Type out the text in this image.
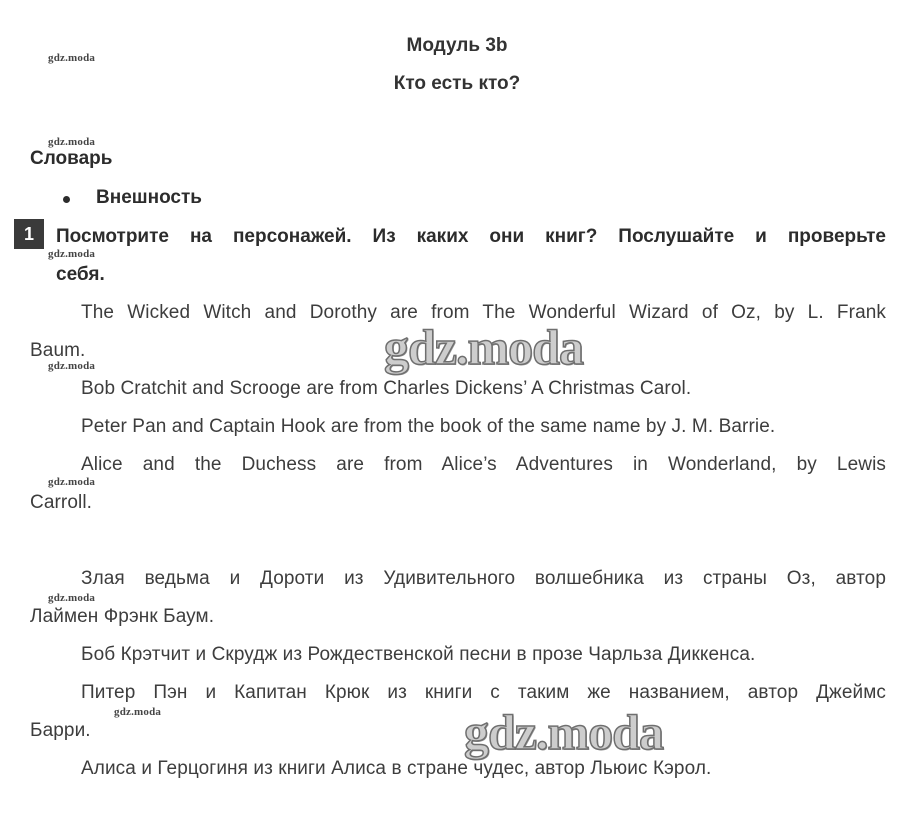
Модуль 3b
Кто есть кто?
Словарь
Внешность
1	Посмотрите на персонажей. Из каких они книг? Послушайте и проверьте
себя.
The Wicked Witch and Dorothy are from The Wonderful Wizard of Oz, by L. Frank
Baum.
Bob Cratchit and Scrooge are from Charles Dickens’ A Christmas Carol.
Peter Pan and Captain Hook are from the book of the same name by J. M. Barrie.
Alice and the Duchess are from Alice’s Adventures in Wonderland, by Lewis
Carroll.
Злая ведьма и Дороти из Удивительного волшебника из страны Оз, автор
Лаймен Фрэнк Баум.
Боб Крэтчит и Скрудж из Рождественской песни в прозе Чарльза Диккенса.
Питер Пэн и Капитан Крюк из книги с таким же названием, автор Джеймс
Барри.
Алиса и Герцогиня из книги Алиса в стране чудес, автор Льюис Кэрол.
gdz.moda
gdz.moda
gdz.moda
gdz.moda
gdz.moda
gdz.moda
gdz.moda
gdz.moda
gdz.moda
